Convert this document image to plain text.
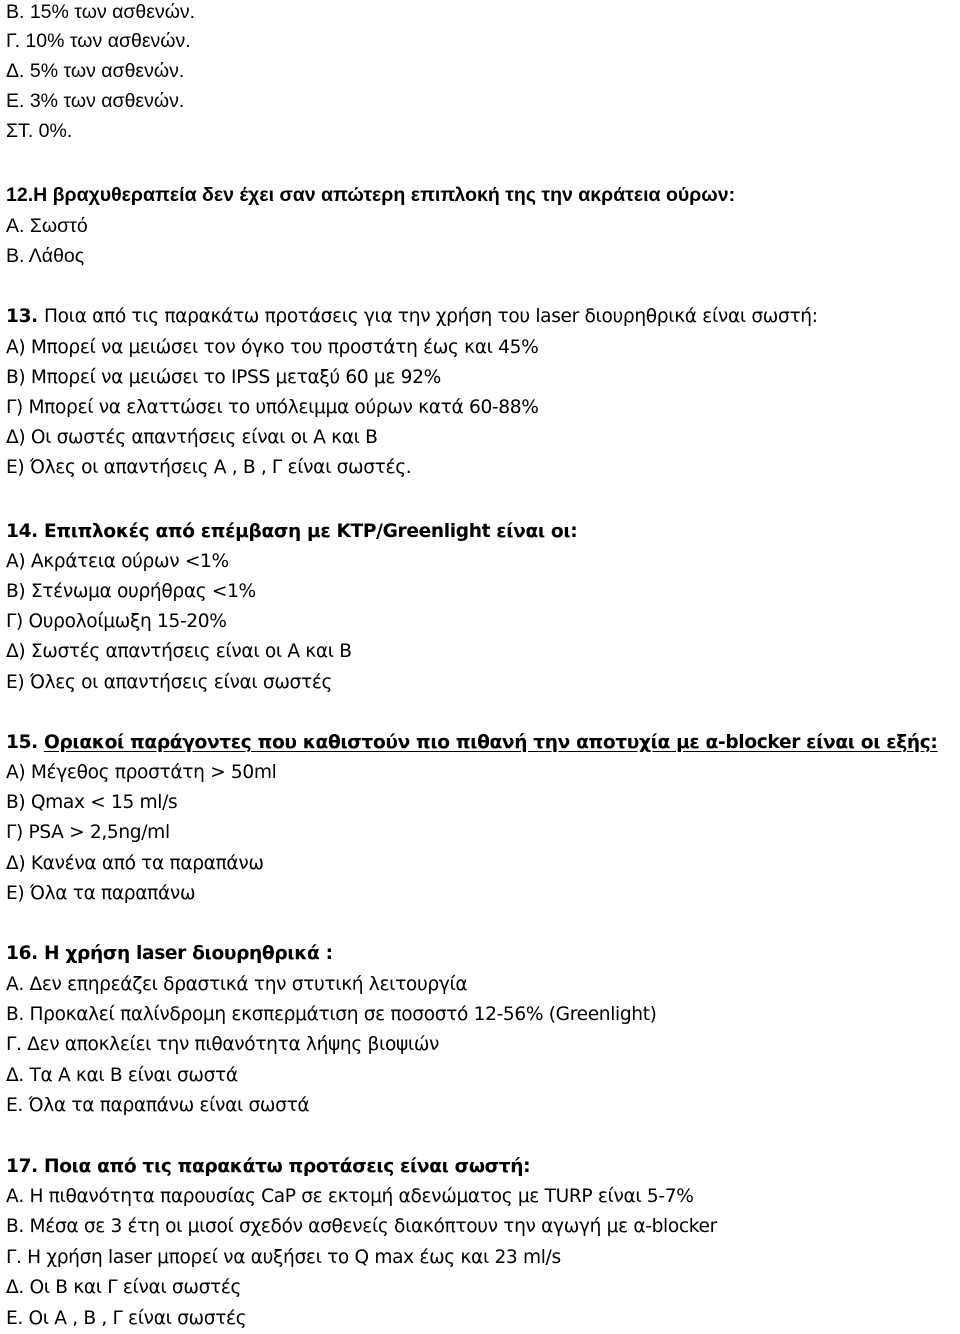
Β. 15% των ασθενών.
Γ. 10% των ασθενών.
Δ. 5% των ασθενών.
Ε. 3% των ασθενών.
ΣΤ. 0%.
12.Η βραχυθεραπεία δεν έχει σαν απώτερη επιπλοκή της την ακράτεια ούρων:
Α. Σωστό
Β. Λάθος
13. Ποια από τις παρακάτω προτάσεις για την χρήση του laser διουρηθρικά είναι σωστή:
Α) Μπορεί να μειώσει τον όγκο του προστάτη έως και 45%
Β) Μπορεί να μειώσει το IPSS μεταξύ 60 με 92%
Γ) Μπορεί να ελαττώσει το υπόλειμμα ούρων κατά 60-88%
Δ) Οι σωστές απαντήσεις είναι οι Α και Β
Ε) Όλες οι απαντήσεις Α , Β , Γ είναι σωστές.
14. Επιπλοκές από επέμβαση με KTP/Greenlight είναι οι:
Α) Ακράτεια ούρων <1%
Β) Στένωμα ουρήθρας <1%
Γ) Ουρολοίμωξη 15-20%
Δ) Σωστές απαντήσεις είναι οι Α και Β
Ε) Όλες οι απαντήσεις είναι σωστές
15. Οριακοί παράγοντες που καθιστούν πιο πιθανή την αποτυχία με α-blocker είναι οι εξής:
Α) Μέγεθος προστάτη > 50ml
Β) Qmax < 15 ml/s
Γ) PSA > 2,5ng/ml
Δ) Κανένα από τα παραπάνω
Ε) Όλα τα παραπάνω
16. Η χρήση laser διουρηθρικά :
Α. Δεν επηρεάζει δραστικά την στυτική λειτουργία
Β. Προκαλεί παλίνδρομη εκσπερμάτιση σε ποσοστό 12-56% (Greenlight)
Γ. Δεν αποκλείει την πιθανότητα λήψης βιοψιών
Δ. Τα Α και Β είναι σωστά
Ε. Όλα τα παραπάνω είναι σωστά
17. Ποια από τις παρακάτω προτάσεις είναι σωστή:
Α. Η πιθανότητα παρουσίας CaP σε εκτομή αδενώματος με TURP είναι 5-7%
Β. Μέσα σε 3 έτη οι μισοί σχεδόν ασθενείς διακόπτουν την αγωγή με α-blocker
Γ. Η χρήση laser μπορεί να αυξήσει το Q max έως και 23 ml/s
Δ. Οι Β και Γ είναι σωστές
Ε. Οι Α , Β , Γ είναι σωστές
